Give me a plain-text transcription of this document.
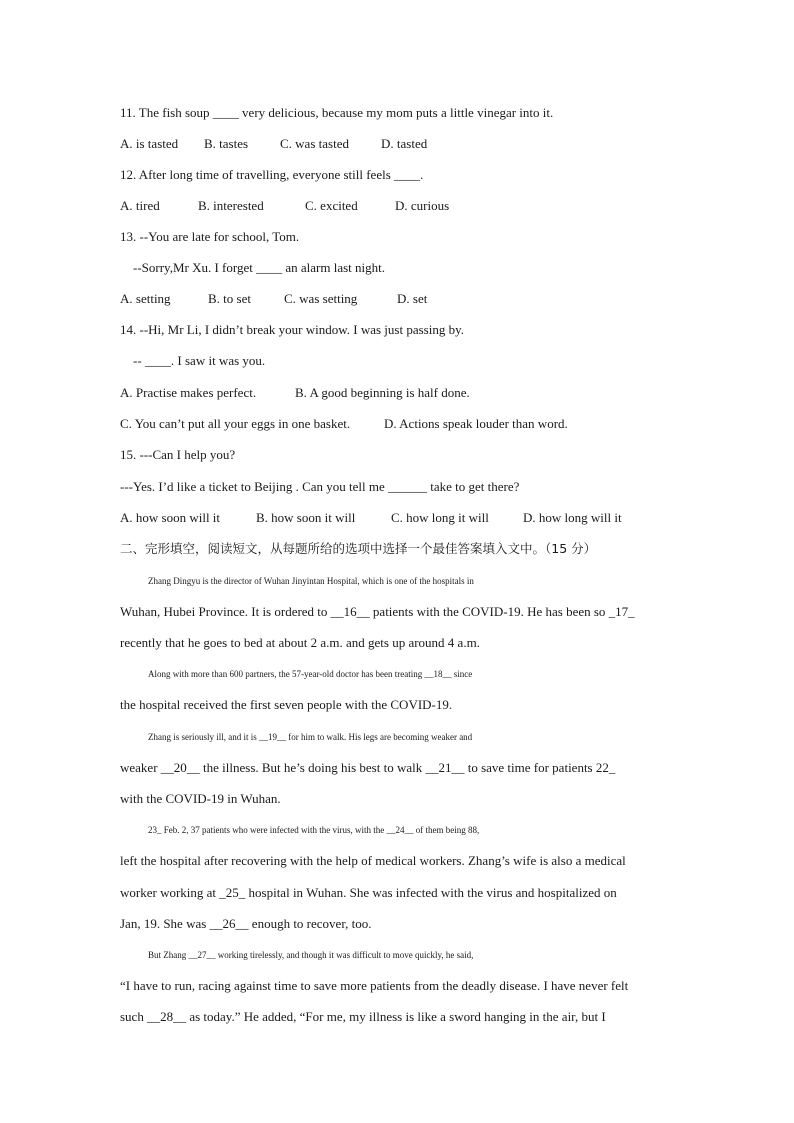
11. The fish soup ____ very delicious, because my mom puts a little vinegar into it.
A. is tasted B. tastes C. was tasted D. tasted
12. After long time of travelling, everyone still feels ____.
A. tired	B. interested	C. excited	D. curious
13. --You are late for school, Tom.
--Sorry,Mr Xu. I forget ____ an alarm last night.
A. setting	B. to set	C. was setting	D. set
14. --Hi, Mr Li, I didn’t break your window. I was just passing by.
-- ____. I saw it was you.
A. Practise makes perfect.	B. A good beginning is half done.
C. You can’t put all your eggs in one basket.	D. Actions speak louder than word.
15. ---Can I help you?
---Yes. I’d like a ticket to Beijing . Can you tell me ______ take to get there?
A. how soon will it	B. how soon it will	C. how long it will	D. how long will it
二、完形填空，阅读短文，从每题所给的选项中选择一个最佳答案填入文中。（15 分）
Zhang Dingyu is the director of Wuhan Jinyintan Hospital, which is one of the hospitals in
Wuhan, Hubei Province. It is ordered to __16__ patients with the COVID-19. He has been so _17_
recently that he goes to bed at about 2 a.m. and gets up around 4 a.m.
Along with more than 600 partners, the 57-year-old doctor has been treating __18__ since
the hospital received the first seven people with the COVID-19.
Zhang is seriously ill, and it is __19__ for him to walk. His legs are becoming weaker and
weaker __20__ the illness. But he’s doing his best to walk __21__ to save time for patients 22_
with the COVID-19 in Wuhan.
23_ Feb. 2, 37 patients who were infected with the virus, with the __24__ of them being 88,
left the hospital after recovering with the help of medical workers. Zhang’s wife is also a medical
worker working at _25_ hospital in Wuhan. She was infected with the virus and hospitalized on
Jan, 19. She was __26__ enough to recover, too.
But Zhang __27__ working tirelessly, and though it was difficult to move quickly, he said,
“I have to run, racing against time to save more patients from the deadly disease. I have never felt
such __28__ as today.” He added, “For me, my illness is like a sword hanging in the air, but I
